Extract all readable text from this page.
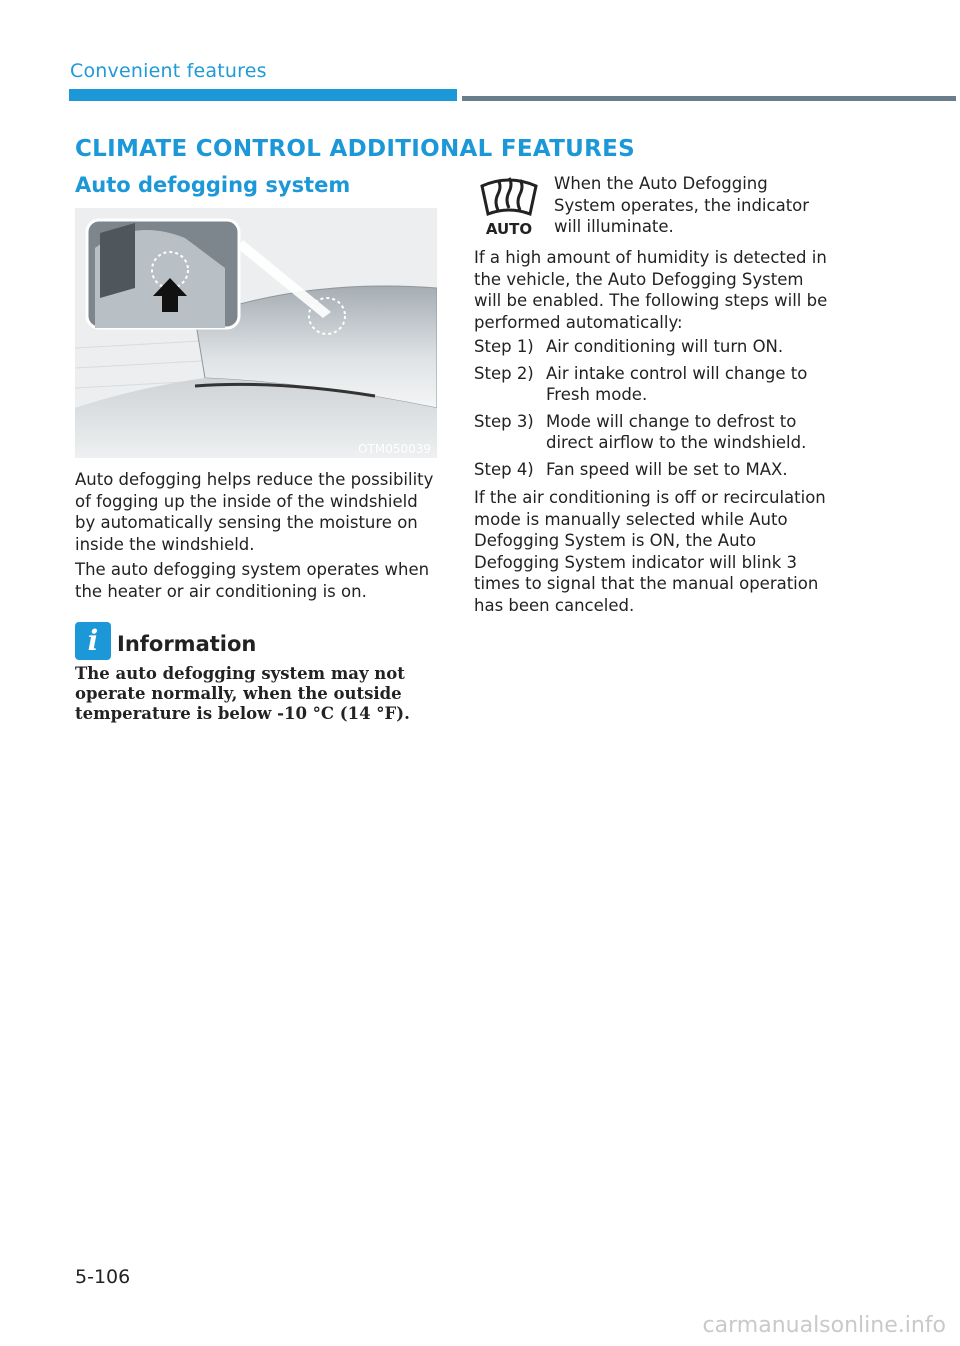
Convenient features
CLIMATE CONTROL ADDITIONAL FEATURES
Auto defogging system
OTM050039

Auto defogging helps reduce the possibility of fogging up the inside of the windshield by automatically sensing the moisture on inside the windshield.

The auto defogging system operates when the heater or air conditioning is on.

i Information

The auto defogging system may not operate normally, when the outside temperature is below -10 °C (14 °F).

AUTO

When the Auto Defogging System operates, the indicator will illuminate.

If a high amount of humidity is detected in the vehicle, the Auto Defogging System will be enabled. The following steps will be performed automatically:

Step 1) Air conditioning will turn ON.
Step 2) Air intake control will change to Fresh mode.
Step 3) Mode will change to defrost to direct airflow to the windshield.
Step 4) Fan speed will be set to MAX.

If the air conditioning is off or recirculation mode is manually selected while Auto Defogging System is ON, the Auto Defogging System indicator will blink 3 times to signal that the manual operation has been canceled.

5-106
carmanualsonline.info
